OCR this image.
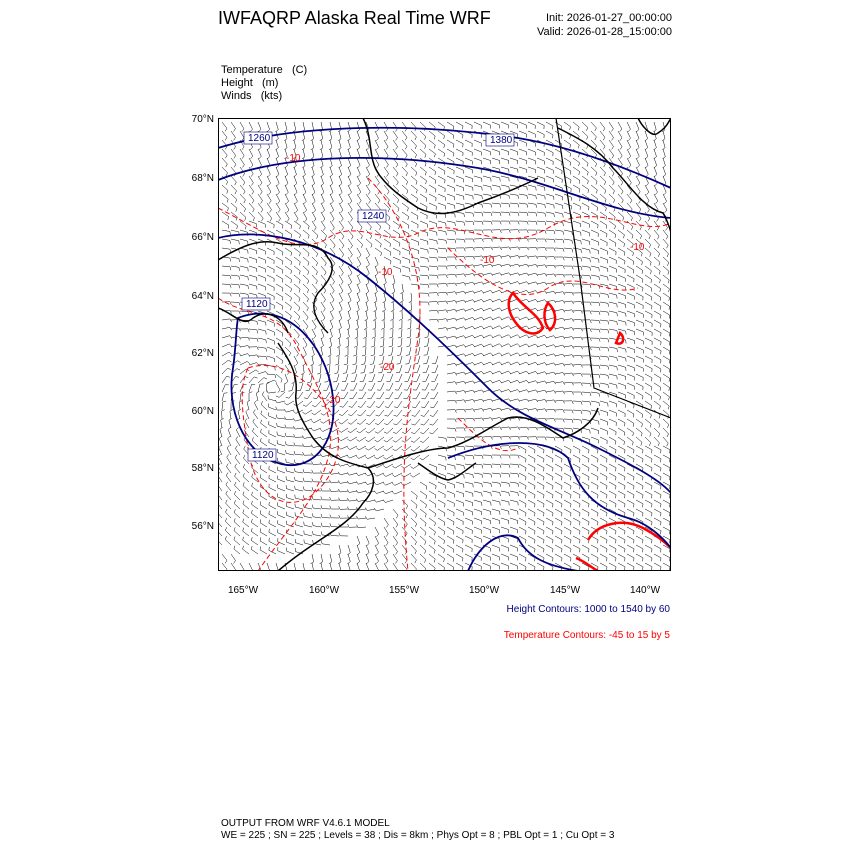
IWFAQRP Alaska Real Time WRF	Init: 2026-01-27_00:00:00
Valid: 2026-01-28_15:00:00
Temperature (C)
Height (m)
Winds (kts)
70°N
68°N
66°N
64°N
62°N
60°N
58°N
56°N
165°W	160°W	155°W	150°W	145°W	140°W
1260	1380
1240
1120
1120
-10
-10
-10
-20
-10
-20
Height Contours: 1000 to 1540 by 60
Temperature Contours: -45 to 15 by 5
OUTPUT FROM WRF V4.6.1 MODEL
WE = 225 ; SN = 225 ; Levels = 38 ; Dis = 8km ; Phys Opt = 8 ; PBL Opt = 1 ; Cu Opt = 3
